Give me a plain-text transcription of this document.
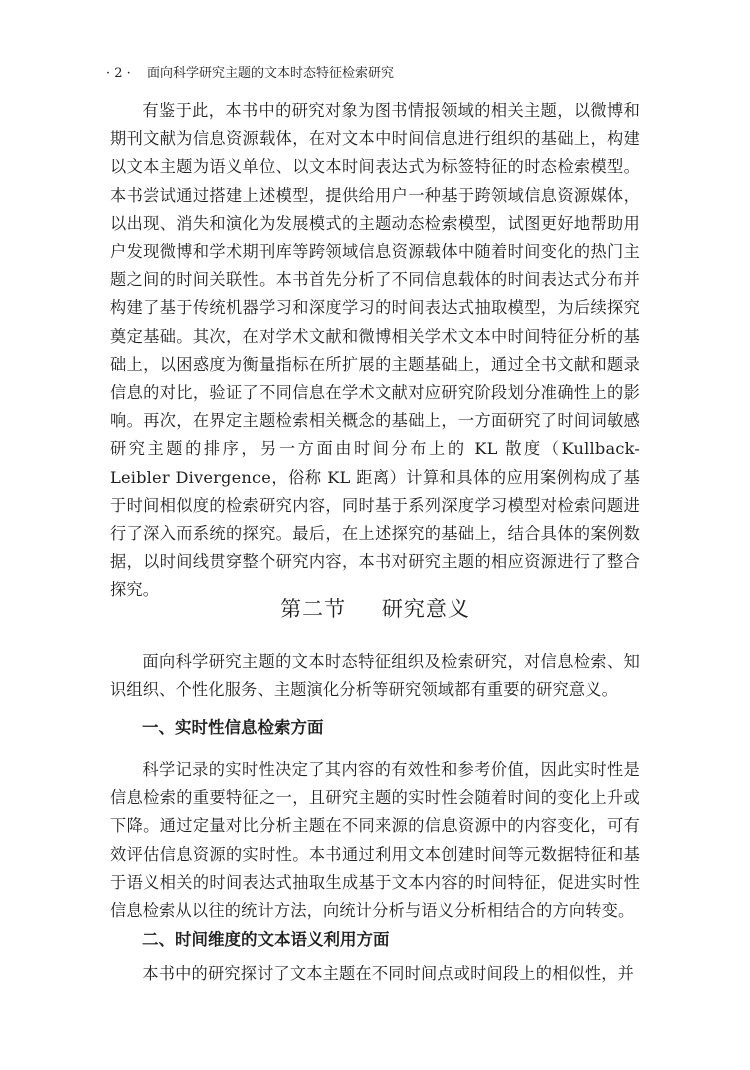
· 2 · 面向科学研究主题的文本时态特征检索研究

有鉴于此，本书中的研究对象为图书情报领域的相关主题，以微博和期刊文献为信息资源载体，在对文本中时间信息进行组织的基础上，构建以文本主题为语义单位、以文本时间表达式为标签特征的时态检索模型。本书尝试通过搭建上述模型，提供给用户一种基于跨领域信息资源媒体，以出现、消失和演化为发展模式的主题动态检索模型，试图更好地帮助用户发现微博和学术期刊库等跨领域信息资源载体中随着时间变化的热门主题之间的时间关联性。本书首先分析了不同信息载体的时间表达式分布并构建了基于传统机器学习和深度学习的时间表达式抽取模型，为后续探究奠定基础。其次，在对学术文献和微博相关学术文本中时间特征分析的基础上，以困惑度为衡量指标在所扩展的主题基础上，通过全书文献和题录信息的对比，验证了不同信息在学术文献对应研究阶段划分准确性上的影响。再次，在界定主题检索相关概念的基础上，一方面研究了时间词敏感研究主题的排序，另一方面由时间分布上的 KL 散度（Kullback-Leibler Divergence，俗称 KL 距离）计算和具体的应用案例构成了基于时间相似度的检索研究内容，同时基于系列深度学习模型对检索问题进行了深入而系统的探究。最后，在上述探究的基础上，结合具体的案例数据，以时间线贯穿整个研究内容，本书对研究主题的相应资源进行了整合探究。

第二节 研究意义

面向科学研究主题的文本时态特征组织及检索研究，对信息检索、知识组织、个性化服务、主题演化分析等研究领域都有重要的研究意义。

一、实时性信息检索方面

科学记录的实时性决定了其内容的有效性和参考价值，因此实时性是信息检索的重要特征之一，且研究主题的实时性会随着时间的变化上升或下降。通过定量对比分析主题在不同来源的信息资源中的内容变化，可有效评估信息资源的实时性。本书通过利用文本创建时间等元数据特征和基于语义相关的时间表达式抽取生成基于文本内容的时间特征，促进实时性信息检索从以往的统计方法，向统计分析与语义分析相结合的方向转变。

二、时间维度的文本语义利用方面

本书中的研究探讨了文本主题在不同时间点或时间段上的相似性，并
